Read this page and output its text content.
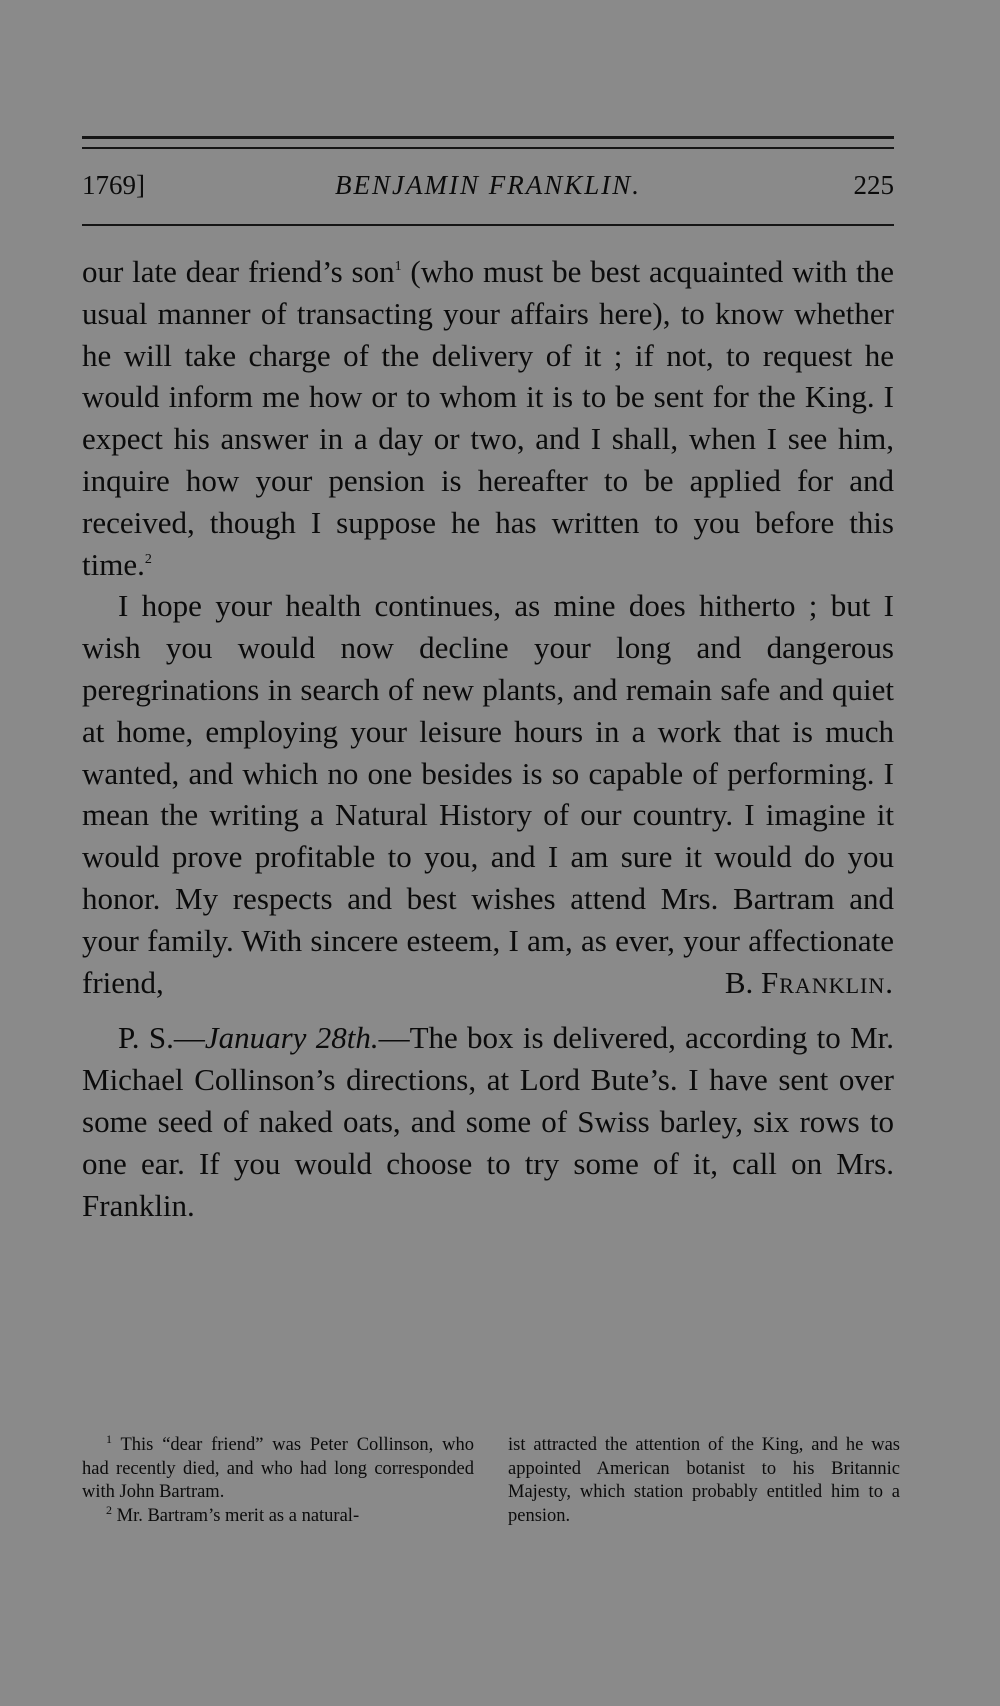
1769]	BENJAMIN FRANKLIN.	225

our late dear friend’s son$^1$ (who must be best acquainted with the usual manner of transacting your affairs here), to know whether he will take charge of the delivery of it ; if not, to request he would inform me how or to whom it is to be sent for the King. I expect his answer in a day or two, and I shall, when I see him, inquire how your pension is hereafter to be applied for and received, though I suppose he has written to you before this time.$^2$

I hope your health continues, as mine does hitherto ; but I wish you would now decline your long and dangerous peregrinations in search of new plants, and remain safe and quiet at home, employing your leisure hours in a work that is much wanted, and which no one besides is so capable of performing. I mean the writing a Natural History of our country. I imagine it would prove profitable to you, and I am sure it would do you honor. My respects and best wishes attend Mrs. Bartram and your family. With sincere esteem, I am, as ever, your affectionate friend,	B. Franklin.

P. S.—January 28th.—The box is delivered, according to Mr. Michael Collinson’s directions, at Lord Bute’s. I have sent over some seed of naked oats, and some of Swiss barley, six rows to one ear. If you would choose to try some of it, call on Mrs. Franklin.

$^1$ This “dear friend” was Peter Collinson, who had recently died, and who had long corresponded with John Bartram.

$^2$ Mr. Bartram’s merit as a natural-

ist attracted the attention of the King, and he was appointed American botanist to his Britannic Majesty, which station probably entitled him to a pension.
